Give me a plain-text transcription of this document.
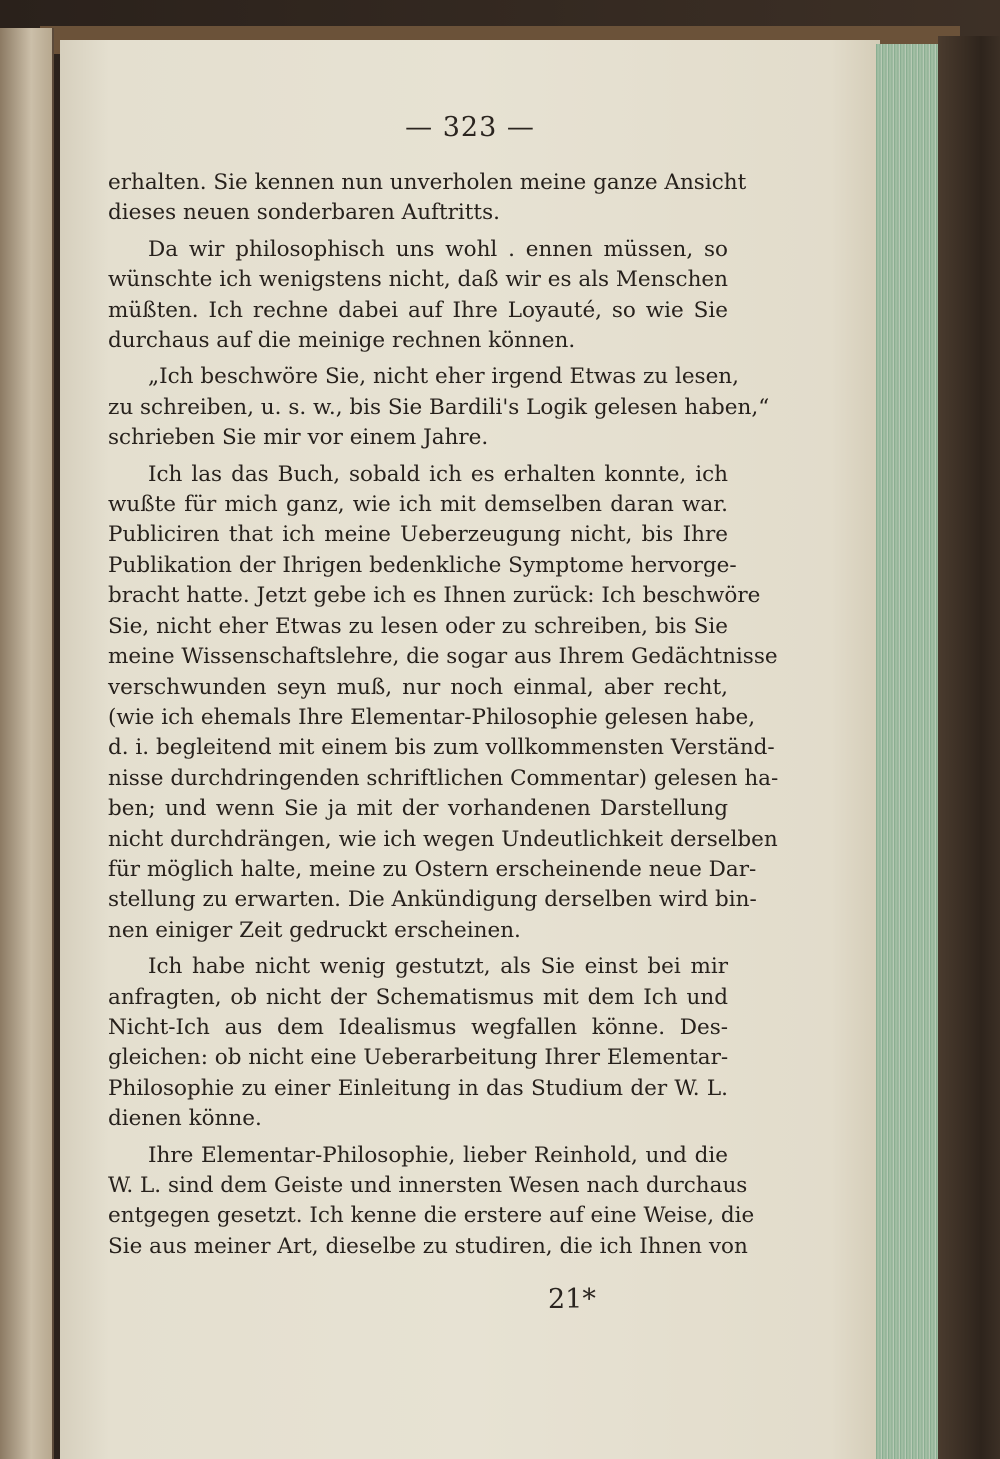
— 323 —

erhalten. Sie kennen nun unverholen meine ganze Ansicht
dieses neuen sonderbaren Auftritts.

Da wir philosophisch uns wohl . ennen müssen, so
wünschte ich wenigstens nicht, daß wir es als Menschen
müßten. Ich rechne dabei auf Ihre Loyauté, so wie Sie
durchaus auf die meinige rechnen können.

„Ich beschwöre Sie, nicht eher irgend Etwas zu lesen,
zu schreiben, u. s. w., bis Sie Bardili's Logik gelesen haben,“
schrieben Sie mir vor einem Jahre.

Ich las das Buch, sobald ich es erhalten konnte, ich
wußte für mich ganz, wie ich mit demselben daran war.
Publiciren that ich meine Ueberzeugung nicht, bis Ihre
Publikation der Ihrigen bedenkliche Symptome hervorge-
bracht hatte. Jetzt gebe ich es Ihnen zurück: Ich beschwöre
Sie, nicht eher Etwas zu lesen oder zu schreiben, bis Sie
meine Wissenschaftslehre, die sogar aus Ihrem Gedächtnisse
verschwunden seyn muß, nur noch einmal, aber recht,
(wie ich ehemals Ihre Elementar-Philosophie gelesen habe,
d. i. begleitend mit einem bis zum vollkommensten Verständ-
nisse durchdringenden schriftlichen Commentar) gelesen ha-
ben; und wenn Sie ja mit der vorhandenen Darstellung
nicht durchdrängen, wie ich wegen Undeutlichkeit derselben
für möglich halte, meine zu Ostern erscheinende neue Dar-
stellung zu erwarten. Die Ankündigung derselben wird bin-
nen einiger Zeit gedruckt erscheinen.

Ich habe nicht wenig gestutzt, als Sie einst bei mir
anfragten, ob nicht der Schematismus mit dem Ich und
Nicht-Ich aus dem Idealismus wegfallen könne. Des-
gleichen: ob nicht eine Ueberarbeitung Ihrer Elementar-
Philosophie zu einer Einleitung in das Studium der W. L.
dienen könne.

Ihre Elementar-Philosophie, lieber Reinhold, und die
W. L. sind dem Geiste und innersten Wesen nach durchaus
entgegen gesetzt. Ich kenne die erstere auf eine Weise, die
Sie aus meiner Art, dieselbe zu studiren, die ich Ihnen von

21*
